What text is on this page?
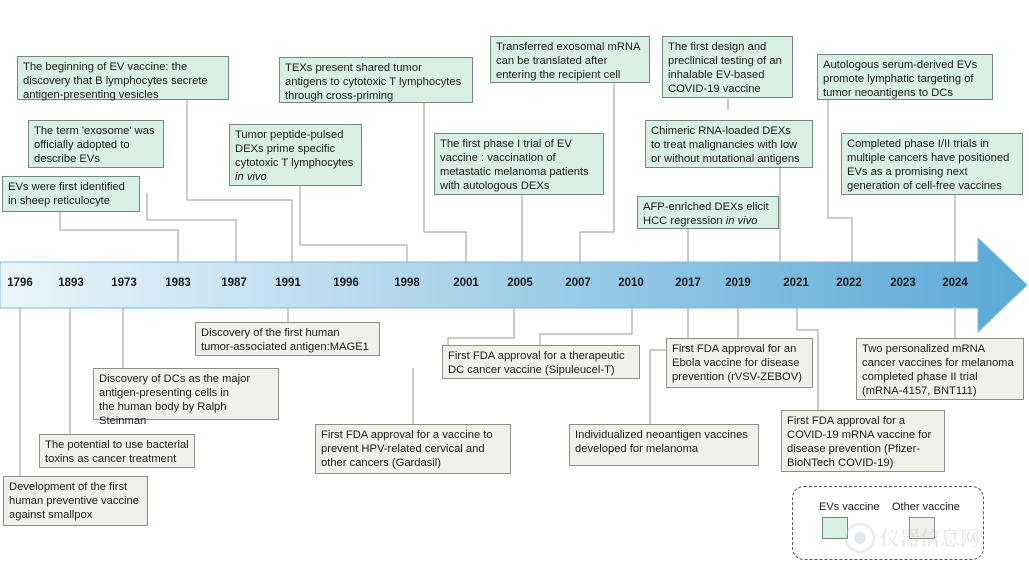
1796 1893 1973 1983	1987 1991	1996	1998	2001 2005	2007 2010	2017 2019	2021 2022 2023 2024
EVs were first identified
in sheep reticulocyte
The term 'exosome' was
officially adopted to
describe EVs
The beginning of EV vaccine: the
discovery that B lymphocytes secrete
antigen-presenting vesicles
Tumor peptide-pulsed
DEXs prime specific
cytotoxic T lymphocytes
in vivo
TEXs present shared tumor
antigens to cytotoxic T lymphocytes
through cross-priming
The first phase I trial of EV
vaccine : vaccination of
metastatic melanoma patients
with autologous DEXs
Transferred exosomal mRNA
can be translated after
entering the recipient cell
AFP-enriched DEXs elicit
HCC regression in vivo
Chimeric RNA-loaded DEXs
to treat malignancies with low
or without mutational antigens
The first design and
preclinical testing of an
inhalable EV-based
COVID-19 vaccine
Autologous serum-derived EVs
promote lymphatic targeting of
tumor neoantigens to DCs
Completed phase I/II trials in
multiple cancers have positioned
EVs as a promising next
generation of cell-free vaccines
Development of the first
human preventive vaccine
against smallpox
The potential to use bacterial
toxins as cancer treatment
Discovery of DCs as the major
antigen-presenting cells in
the human body by Ralph Steinman
Discovery of the first human
tumor-associated antigen:MAGE1
First FDA approval for a vaccine to
prevent HPV-related cervical and
other cancers (Gardasil)
First FDA approval for a therapeutic
DC cancer vaccine (Sipuleucel-T)
Individualized neoantigen vaccines
developed for melanoma
First FDA approval for an
Ebola vaccine for disease
prevention (rVSV-ZEBOV)
First FDA approval for a
COVID-19 mRNA vaccine for
disease prevention (Pfizer-
BioNTech COVID-19)
Two personalized mRNA
cancer vaccines for melanoma
completed phase II trial
(mRNA-4157, BNT111)
EVs vaccine Other vaccine
仪器信息网
